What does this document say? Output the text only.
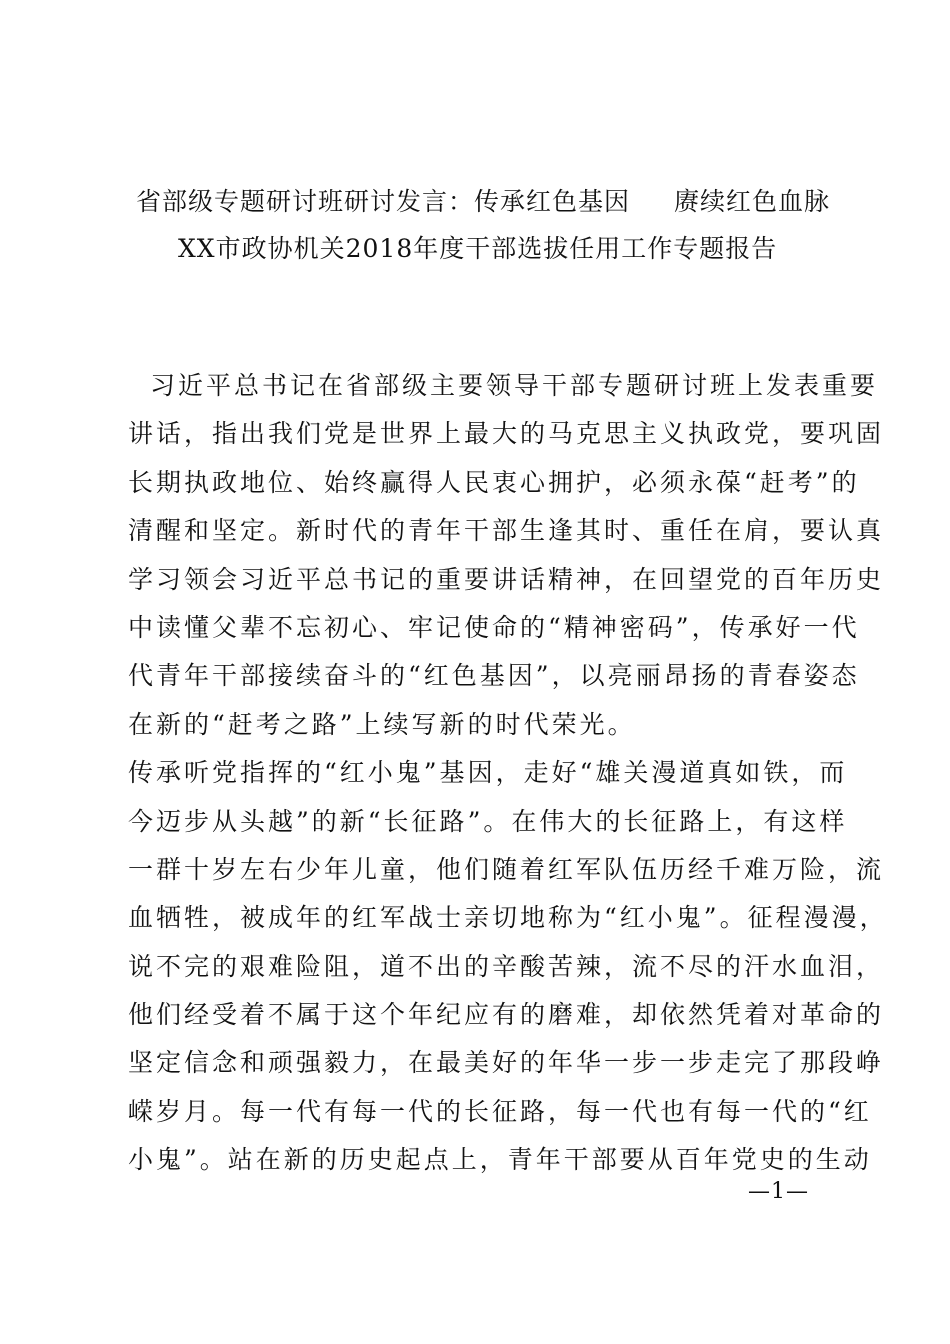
省部级专题研讨班研讨发言：传承红色基因 赓续红色血脉
XX市政协机关2018年度干部选拔任用工作专题报告
习近平总书记在省部级主要领导干部专题研讨班上发表重要
讲话，指出我们党是世界上最大的马克思主义执政党，要巩固
长期执政地位、始终赢得人民衷心拥护，必须永葆“赶考”的
清醒和坚定。新时代的青年干部生逢其时、重任在肩，要认真
学习领会习近平总书记的重要讲话精神，在回望党的百年历史
中读懂父辈不忘初心、牢记使命的“精神密码”，传承好一代
代青年干部接续奋斗的“红色基因”，以亮丽昂扬的青春姿态
在新的“赶考之路”上续写新的时代荣光。
传承听党指挥的“红小鬼”基因，走好“雄关漫道真如铁，而
今迈步从头越”的新“长征路”。在伟大的长征路上，有这样
一群十岁左右少年儿童，他们随着红军队伍历经千难万险，流
血牺牲，被成年的红军战士亲切地称为“红小鬼”。征程漫漫，
说不完的艰难险阻，道不出的辛酸苦辣，流不尽的汗水血泪，
他们经受着不属于这个年纪应有的磨难，却依然凭着对革命的
坚定信念和顽强毅力，在最美好的年华一步一步走完了那段峥
嵘岁月。每一代有每一代的长征路，每一代也有每一代的“红
小鬼”。站在新的历史起点上，青年干部要从百年党史的生动
—1—
